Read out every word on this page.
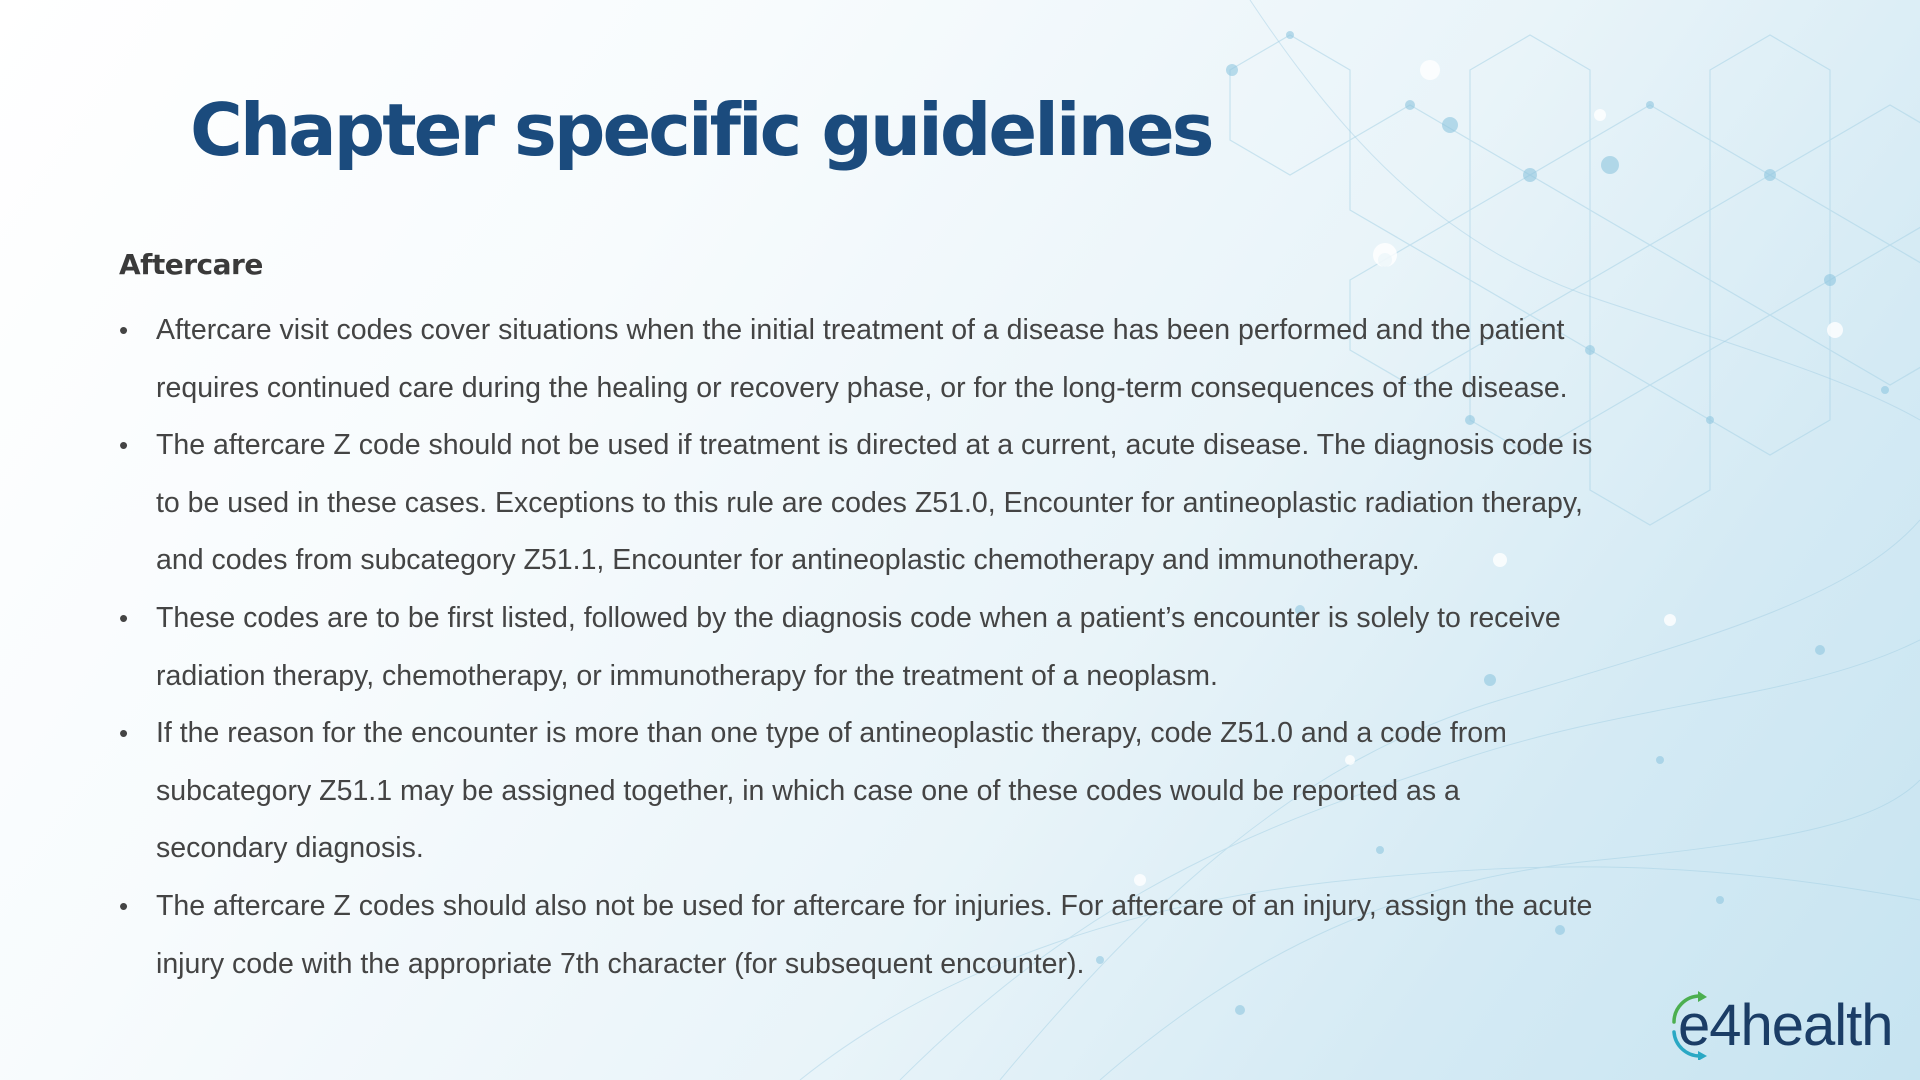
Chapter specific guidelines
Aftercare
• Aftercare visit codes cover situations when the initial treatment of a disease has been performed and the patient
requires continued care during the healing or recovery phase, or for the long-term consequences of the disease.
• The aftercare Z code should not be used if treatment is directed at a current, acute disease. The diagnosis code is
to be used in these cases. Exceptions to this rule are codes Z51.0, Encounter for antineoplastic radiation therapy,
and codes from subcategory Z51.1, Encounter for antineoplastic chemotherapy and immunotherapy.
• These codes are to be first listed, followed by the diagnosis code when a patient’s encounter is solely to receive
radiation therapy, chemotherapy, or immunotherapy for the treatment of a neoplasm.
• If the reason for the encounter is more than one type of antineoplastic therapy, code Z51.0 and a code from
subcategory Z51.1 may be assigned together, in which case one of these codes would be reported as a
secondary diagnosis.
• The aftercare Z codes should also not be used for aftercare for injuries. For aftercare of an injury, assign the acute
injury code with the appropriate 7th character (for subsequent encounter).
e4health
